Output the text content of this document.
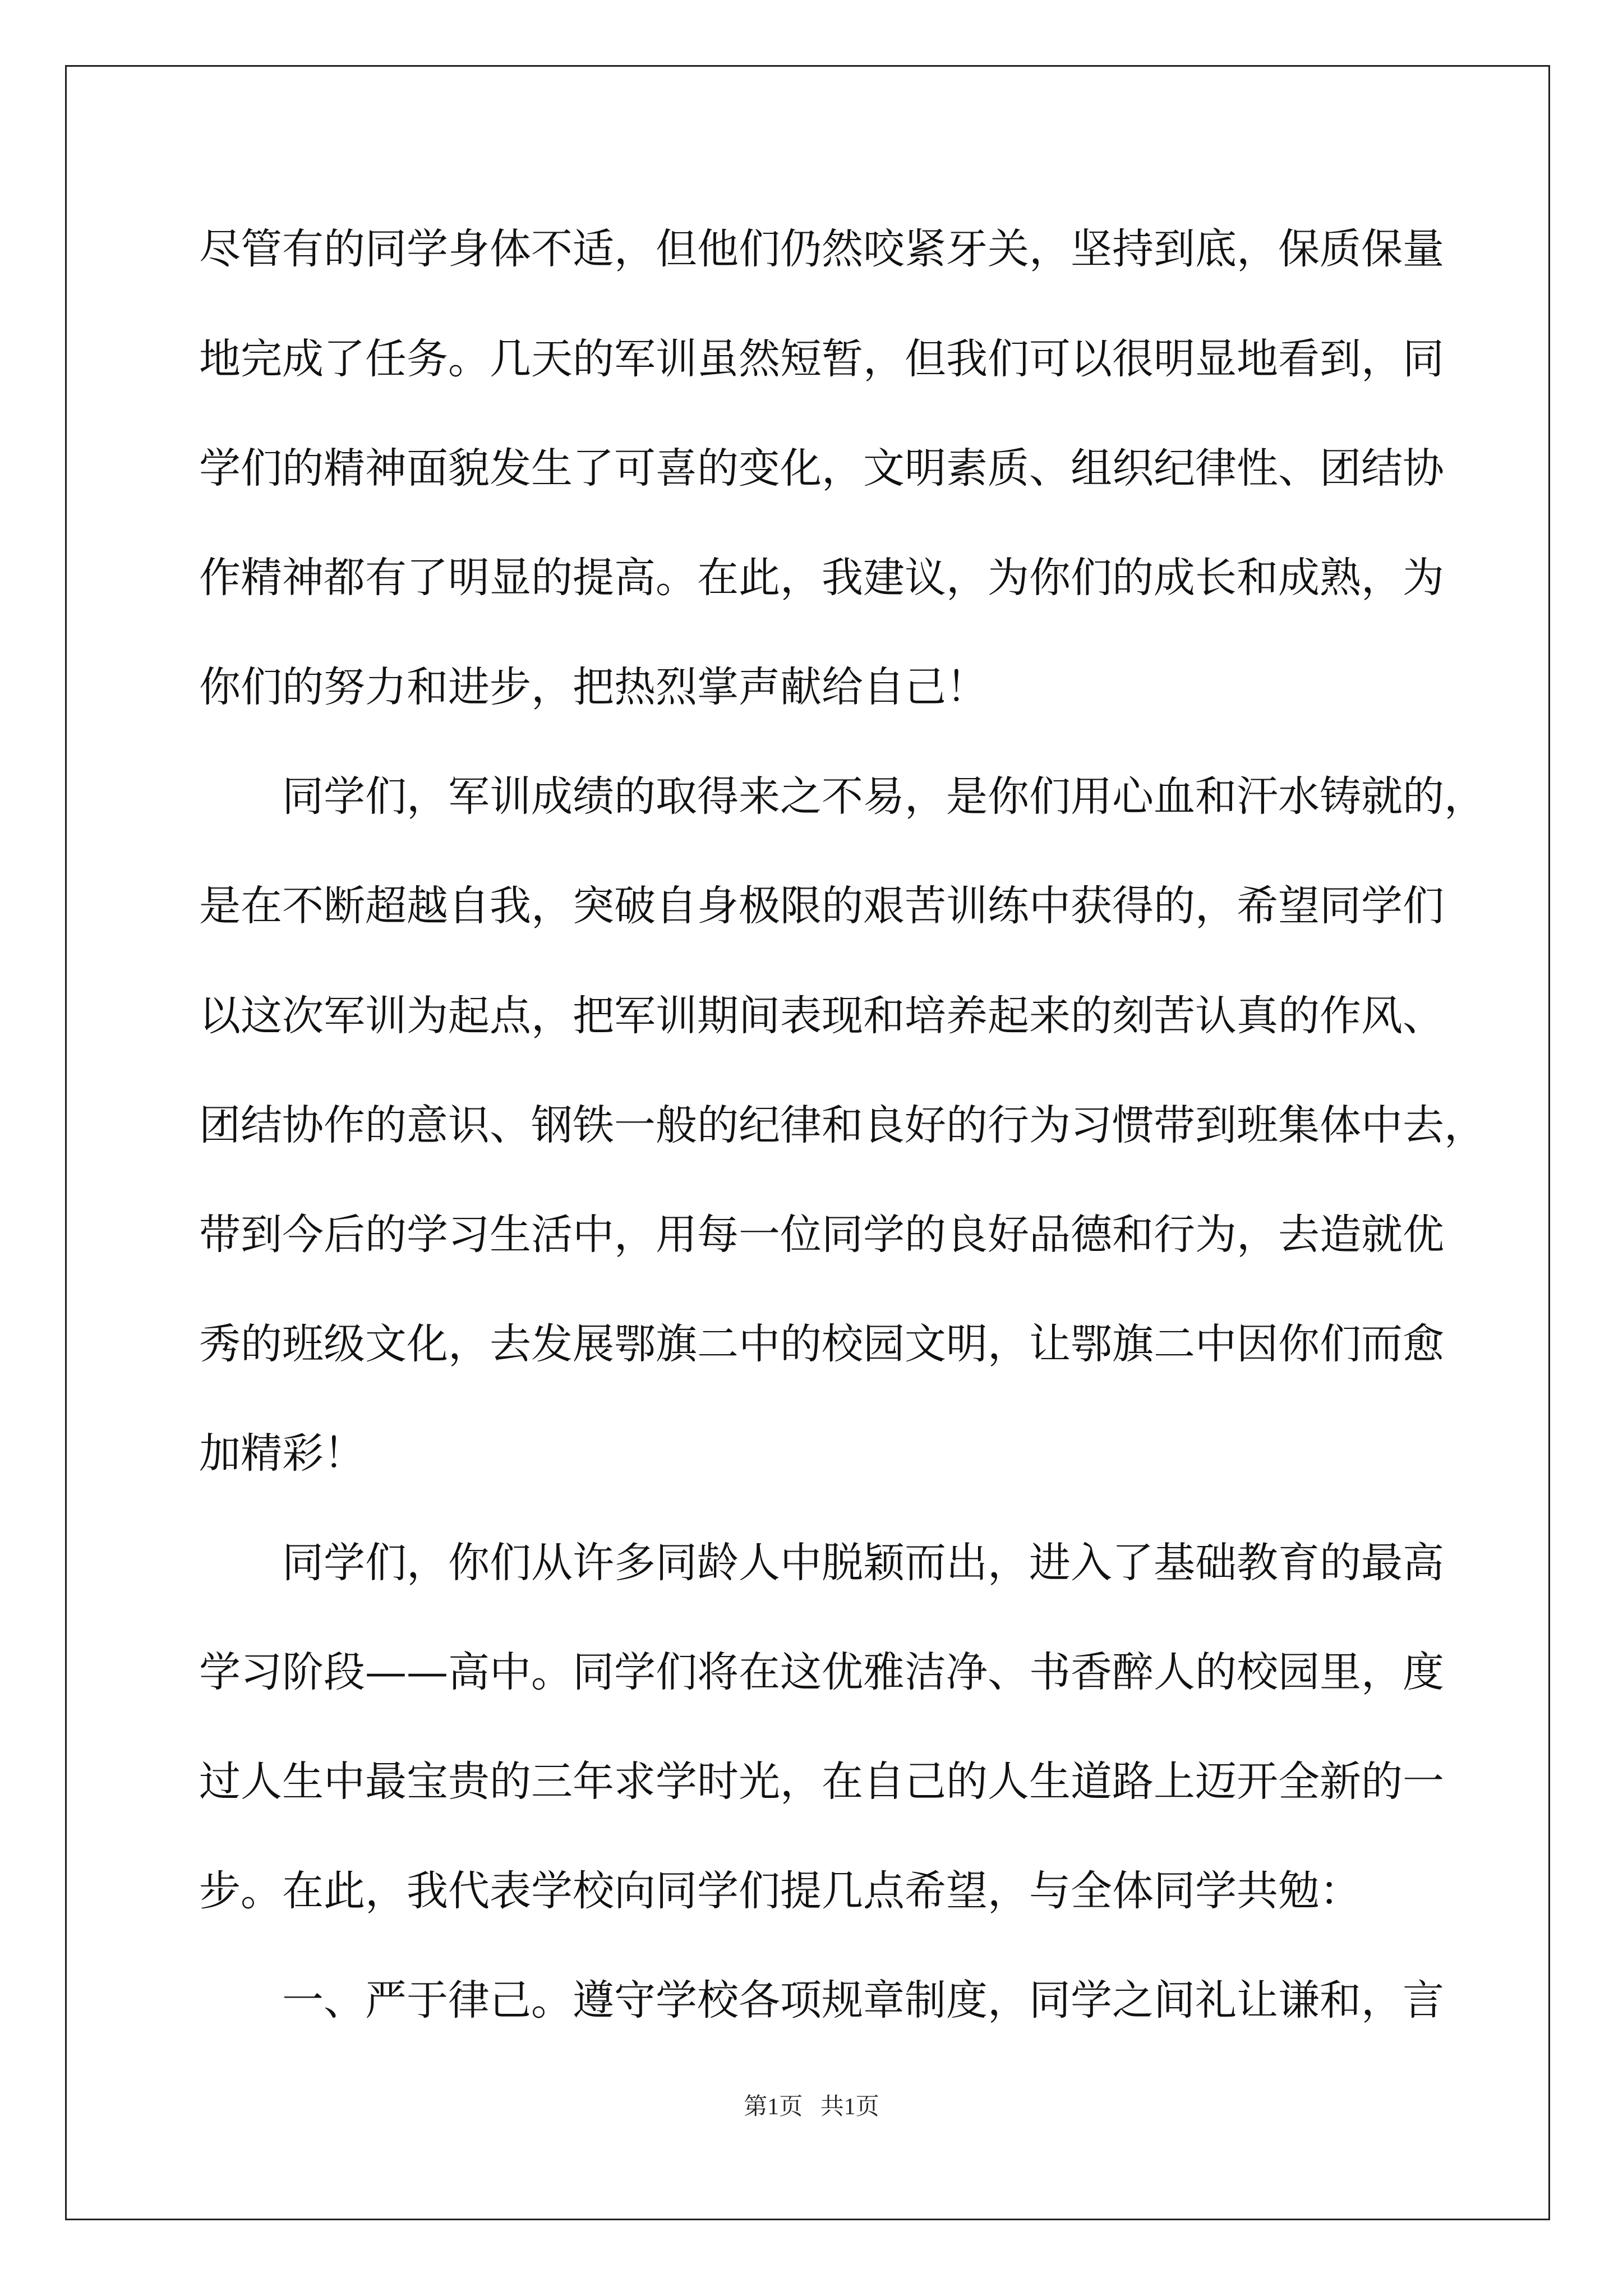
尽管有的同学身体不适，但他们仍然咬紧牙关，坚持到底，保质保量
地完成了任务。几天的军训虽然短暂，但我们可以很明显地看到，同
学们的精神面貌发生了可喜的变化，文明素质、组织纪律性、团结协
作精神都有了明显的提高。在此，我建议，为你们的成长和成熟，为
你们的努力和进步，把热烈掌声献给自己！
同学们，军训成绩的取得来之不易，是你们用心血和汗水铸就的，
是在不断超越自我，突破自身极限的艰苦训练中获得的，希望同学们
以这次军训为起点，把军训期间表现和培养起来的刻苦认真的作风、
团结协作的意识、钢铁一般的纪律和良好的行为习惯带到班集体中去，
带到今后的学习生活中，用每一位同学的良好品德和行为，去造就优
秀的班级文化，去发展鄂旗二中的校园文明，让鄂旗二中因你们而愈
加精彩！
同学们，你们从许多同龄人中脱颖而出，进入了基础教育的最高
学习阶段——高中。同学们将在这优雅洁净、书香醉人的校园里，度
过人生中最宝贵的三年求学时光，在自己的人生道路上迈开全新的一
步。在此，我代表学校向同学们提几点希望，与全体同学共勉：
一、严于律己。遵守学校各项规章制度，同学之间礼让谦和，言
第1页   共1页
